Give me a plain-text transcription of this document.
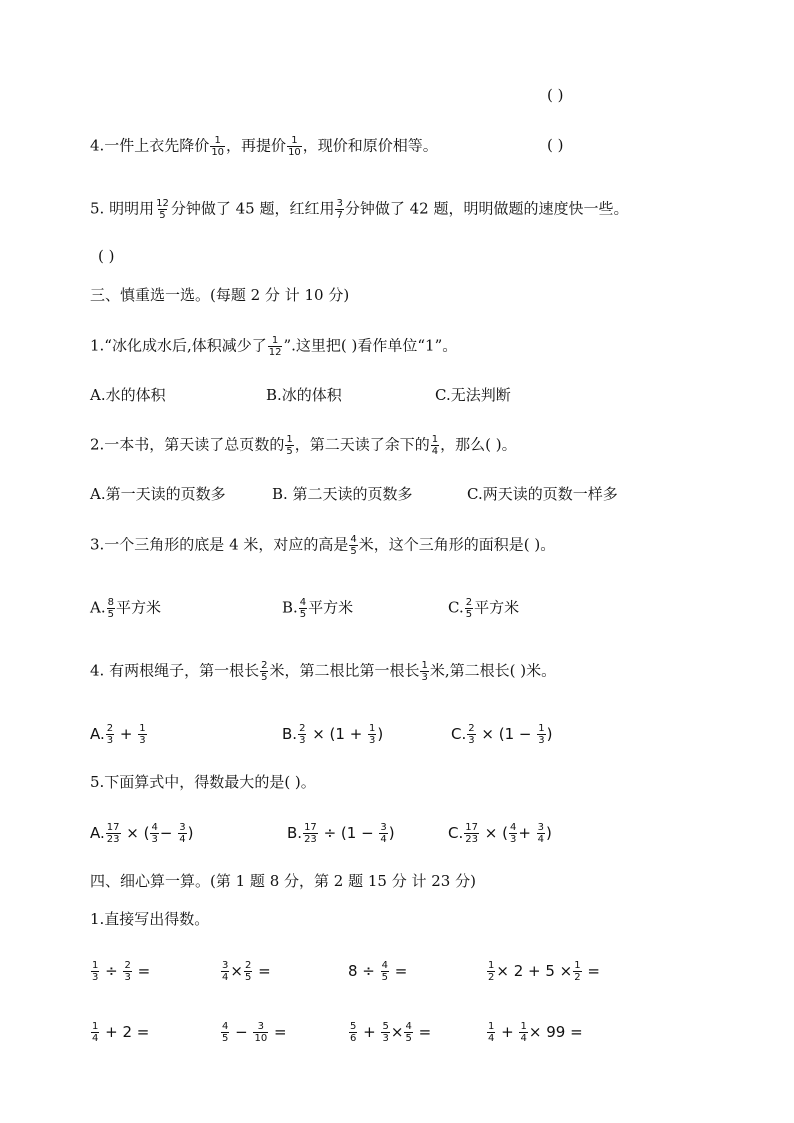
( )
4.一件上衣先降价 $\frac{1}{10}$ ，再提价 $\frac{1}{10}$ ，现价和原价相等。	( )
5. 明明用 $\frac{12}{5}$ 分钟做了 45 题，红红用 $\frac{3}{7}$ 分钟做了 42 题，明明做题的速度快一些。
( )
三、慎重选一选。(每题 2 分 计 10 分)
1.“冰化成水后,体积减少了 $\frac{1}{12}$ ”.这里把( )看作单位“1”。
A.水的体积	B.冰的体积	C.无法判断
2.一本书，第天读了总页数的 $\frac{1}{5}$ ，第二天读了余下的 $\frac{1}{4}$ ，那么( )。
A.第一天读的页数多	B. 第二天读的页数多	C.两天读的页数一样多
3.一个三角形的底是 4 米，对应的高是 $\frac{4}{5}$ 米，这个三角形的面积是( )。
A. $\frac{8}{5}$ 平方米	B. $\frac{4}{5}$ 平方米	C. $\frac{2}{5}$ 平方米
4. 有两根绳子，第一根长 $\frac{2}{5}$ 米，第二根比第一根长 $\frac{1}{3}$ 米,第二根长( )米。
A. $\frac{2}{3} + \frac{1}{3}$	B. $\frac{2}{3} \times (1 + \frac{1}{3}$ )	C. $\frac{2}{3} \times (1 - \frac{1}{3}$ )
5.下面算式中，得数最大的是( )。
A. $\frac{17}{23}$ × ( $\frac{4}{3} - \frac{3}{4}$ )	B. $\frac{17}{23} \div (1 - \frac{3}{4}$ )	C. $\frac{17}{23}$ × ( $\frac{4}{3} + \frac{3}{4}$ )
四、细心算一算。(第 1 题 8 分，第 2 题 15 分 计 23 分)
1.直接写出得数。
$\frac{1}{3} \div \frac{2}{3}$ =	$\frac{3}{4} \times \frac{2}{5}$ =	$8 \div \frac{4}{5}$ =	$\frac{1}{2} \times 2 + 5 \times \frac{1}{2}$ =
$\frac{1}{4} + 2$ =	$\frac{4}{5} - \frac{3}{10}$ =	$\frac{5}{6} + \frac{5}{3} \times \frac{4}{5}$ =	$\frac{1}{4} + \frac{1}{4} \times 99$ =
